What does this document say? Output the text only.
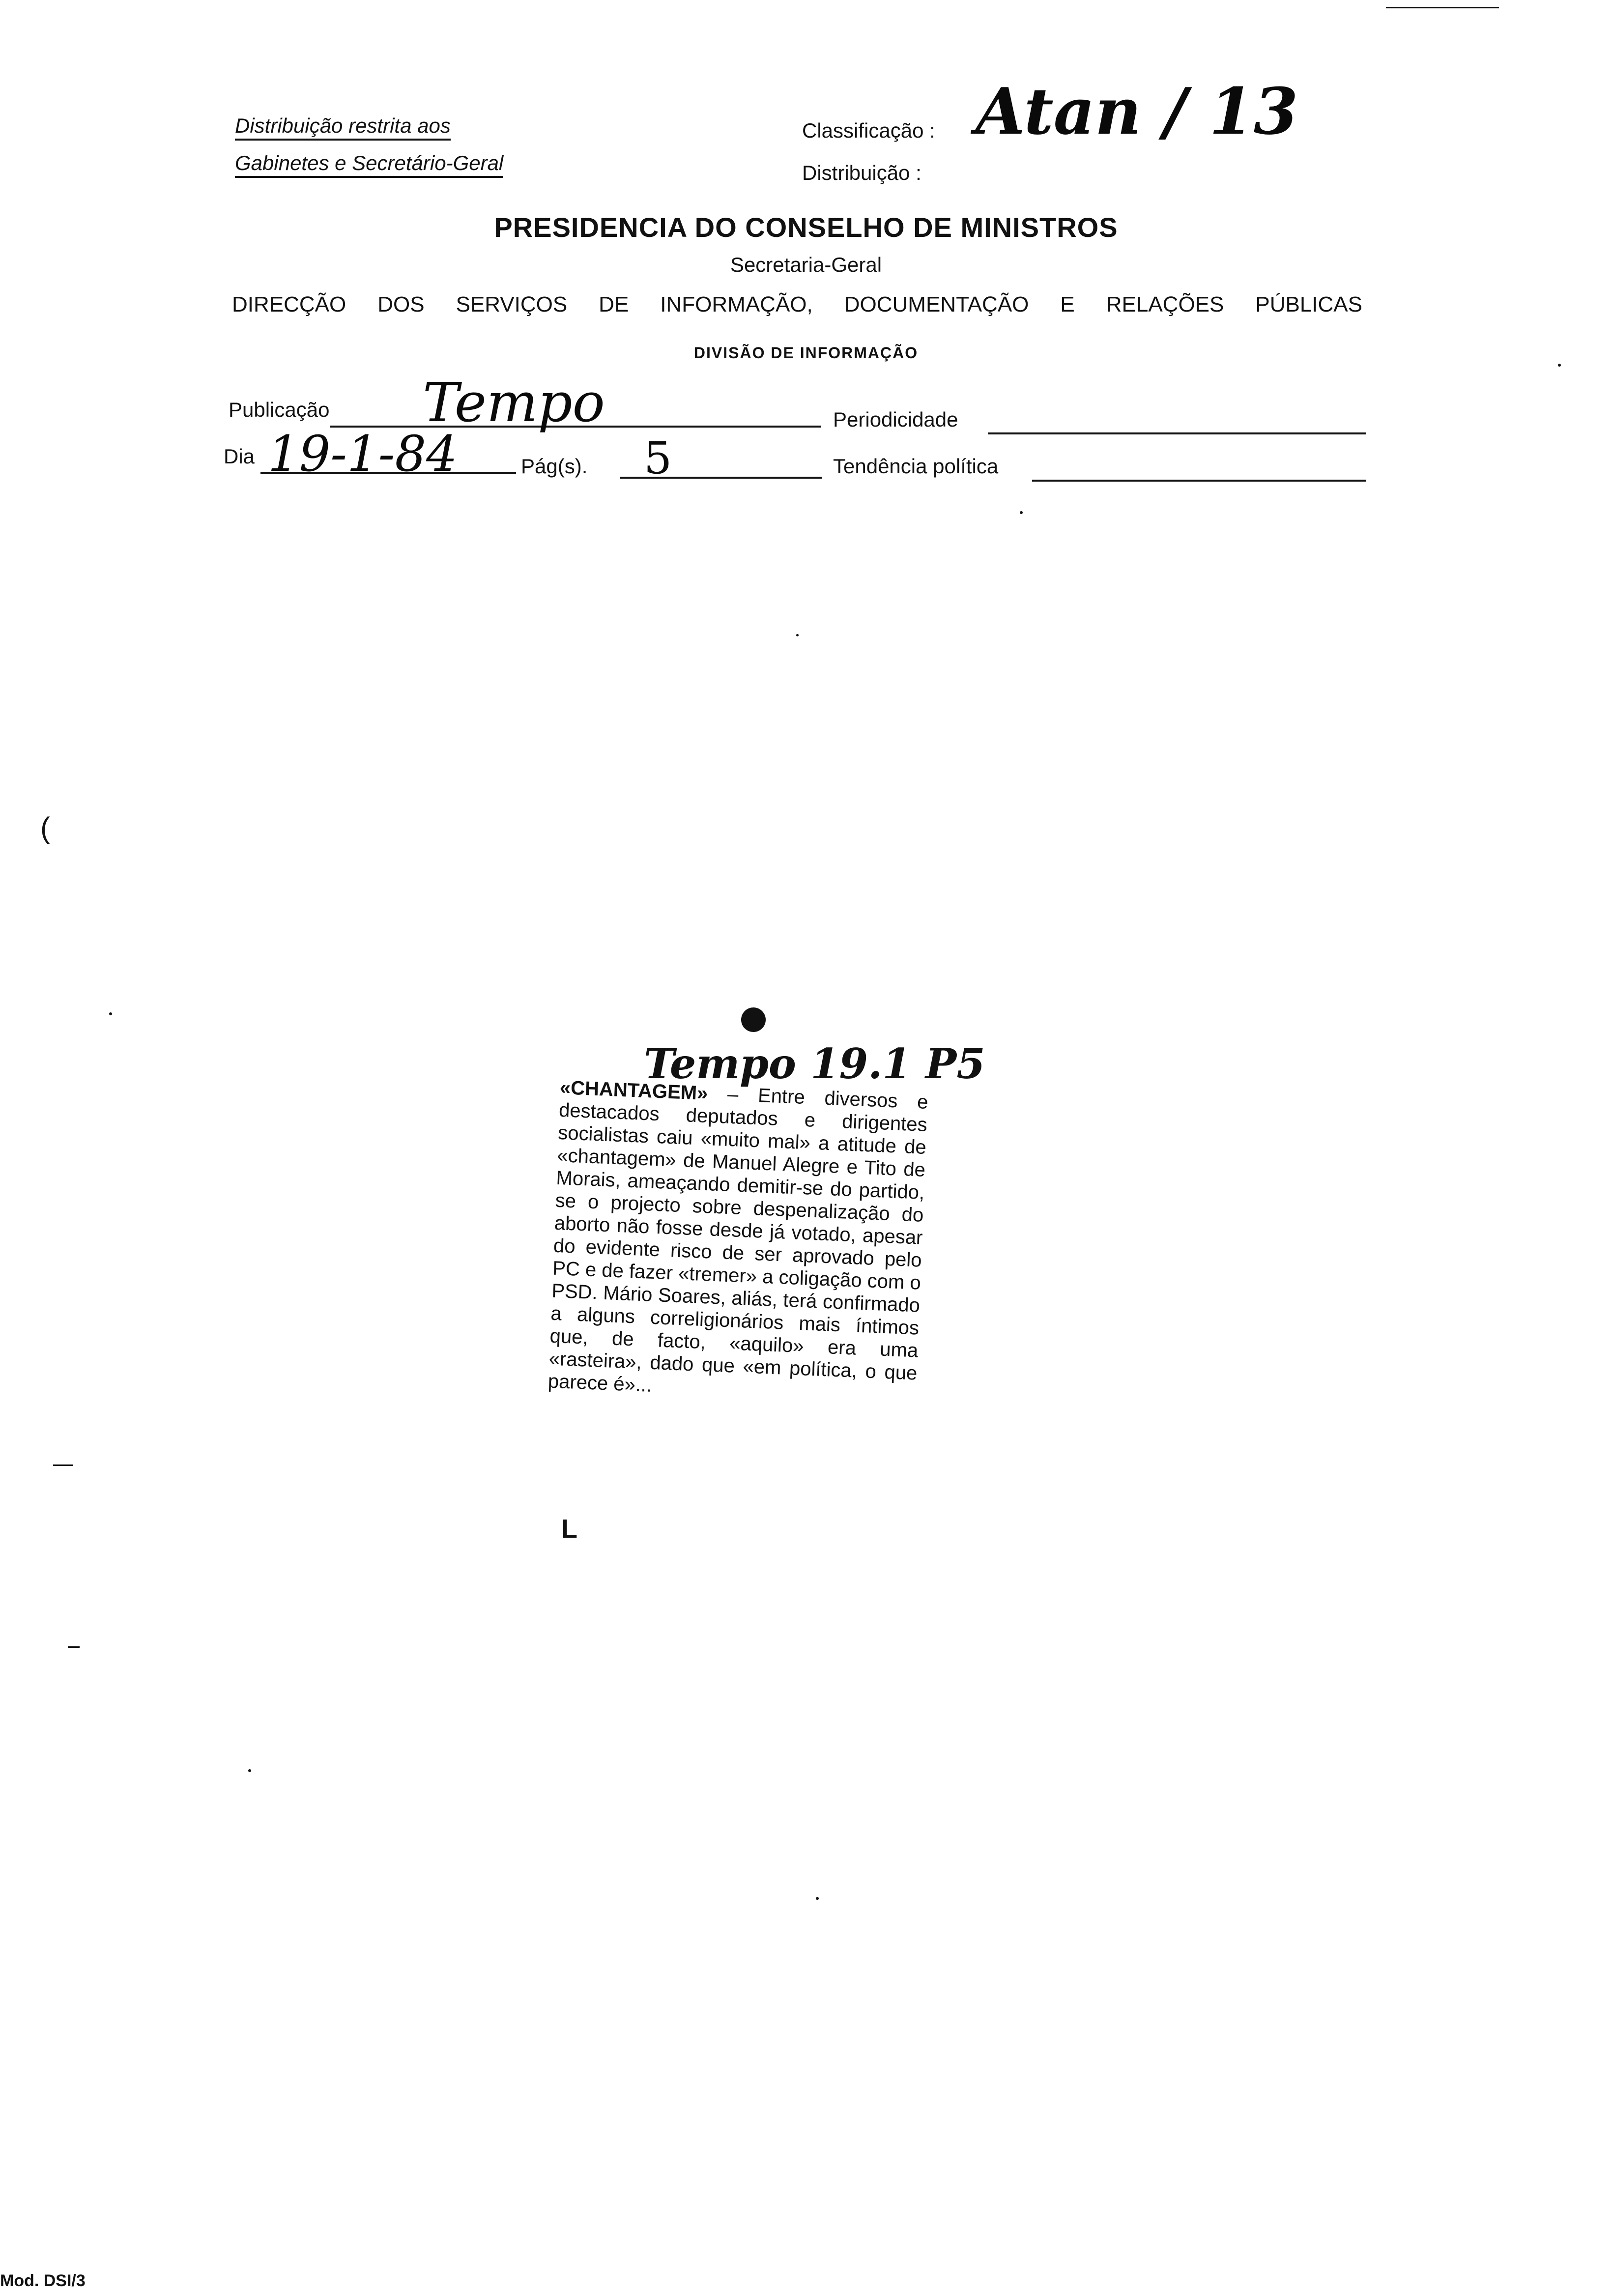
Distribuição restrita aos
Gabinetes e Secretário-Geral
Classificação : Atan / 13
Distribuição :
PRESIDENCIA DO CONSELHO DE MINISTROS
Secretaria-Geral
DIRECÇÃO DOS SERVIÇOS DE INFORMAÇÃO, DOCUMENTAÇÃO E RELAÇÕES PÚBLICAS
DIVISÃO DE INFORMAÇÃO
Publicação Tempo	Periodicidade
Dia 19-1-84	Pág(s). 5	Tendência política
(
Tempo 19.1 P5
«CHANTAGEM» – Entre diversos e destacados deputados e dirigentes socialistas caiu «muito mal» a atitude de «chantagem» de Manuel Alegre e Tito de Morais, ameaçando demitir-se do partido, se o projecto sobre despenalização do aborto não fosse desde já votado, apesar do evidente risco de ser aprovado pelo PC e de fazer «tremer» a coligação com o PSD. Mário Soares, aliás, terá confirmado a alguns correligionários mais íntimos que, de facto, «aquilo» era uma «rasteira», dado que «em política, o que parece é»...
L
Mod. DSI/3
